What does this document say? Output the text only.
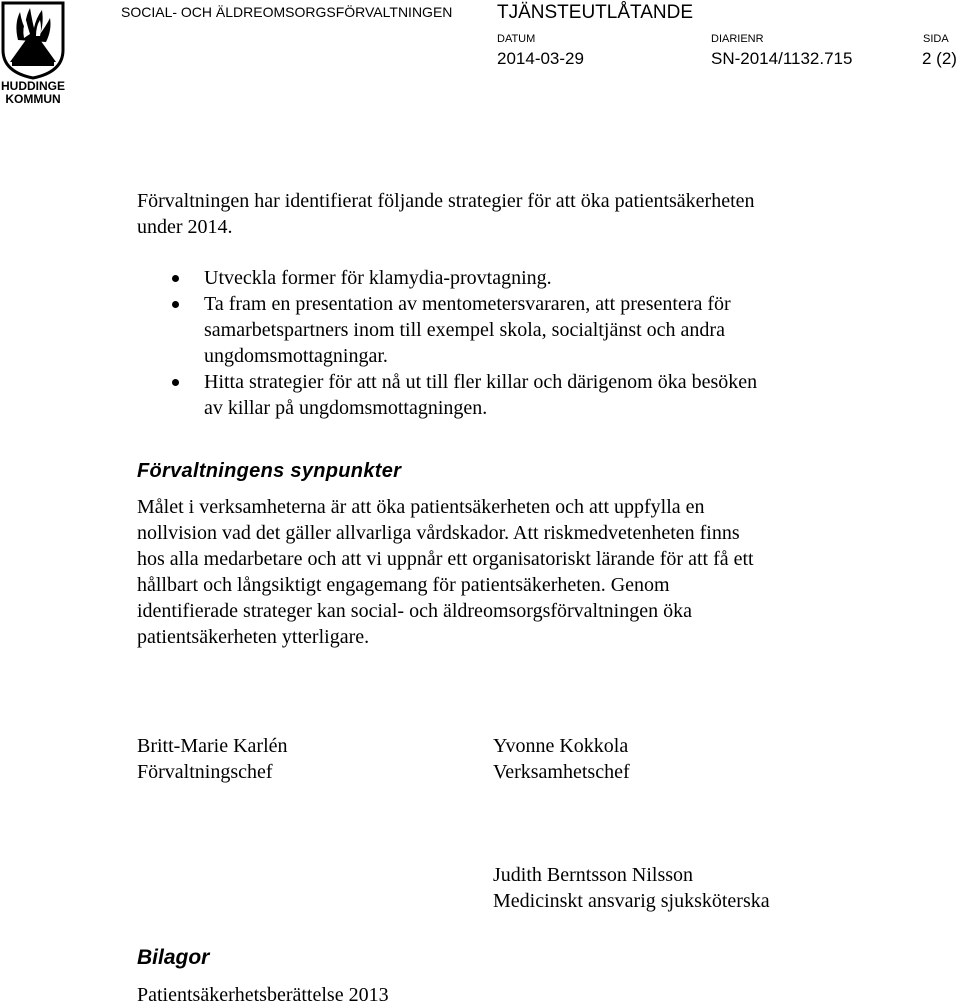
HUDDINGE
KOMMUN
SOCIAL- OCH ÄLDREOMSORGSFÖRVALTNINGEN TJÄNSTEUTLÅTANDE
DATUM
2014-03-29
DIARIENR
SN-2014/1132.715
SIDA
2 (2)
Förvaltningen har identifierat följande strategier för att öka patientsäkerheten
under 2014.
Utveckla former för klamydia-provtagning.
Ta fram en presentation av mentometersvararen, att presentera för
samarbetspartners inom till exempel skola, socialtjänst och andra
ungdomsmottagningar.
Hitta strategier för att nå ut till fler killar och därigenom öka besöken
av killar på ungdomsmottagningen.
Förvaltningens synpunkter
Målet i verksamheterna är att öka patientsäkerheten och att uppfylla en
nollvision vad det gäller allvarliga vårdskador. Att riskmedvetenheten finns
hos alla medarbetare och att vi uppnår ett organisatoriskt lärande för att få ett
hållbart och långsiktigt engagemang för patientsäkerheten. Genom
identifierade strateger kan social- och äldreomsorgsförvaltningen öka
patientsäkerheten ytterligare.
Britt-Marie Karlén
Förvaltningschef
Yvonne Kokkola
Verksamhetschef
Judith Berntsson Nilsson
Medicinskt ansvarig sjuksköterska
Bilagor
Patientsäkerhetsberättelse 2013
